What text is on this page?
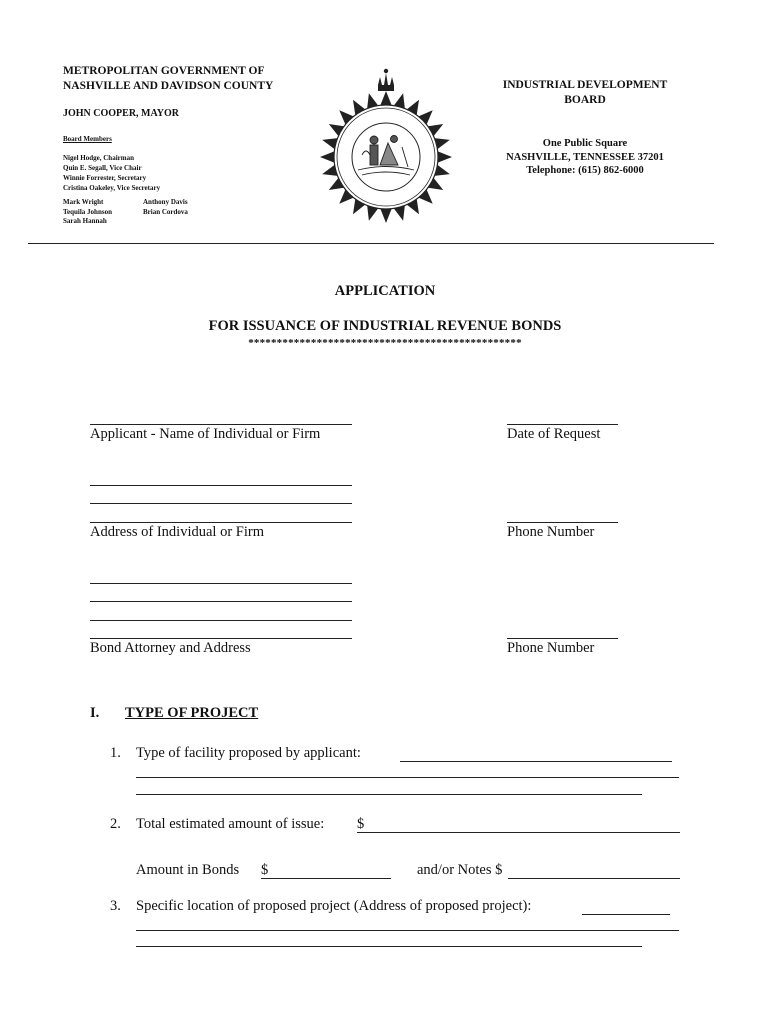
METROPOLITAN GOVERNMENT OF
NASHVILLE AND DAVIDSON COUNTY
JOHN COOPER, MAYOR
Board Members
Nigel Hodge, Chairman
Quin E. Segall, Vice Chair
Winnie Forrester, Secretary
Cristina Oakeley, Vice Secretary
Mark Wright
Tequila Johnson
Sarah Hannah
Anthony Davis
Brian Cordova
INDUSTRIAL DEVELOPMENT
BOARD
One Public Square
NASHVILLE, TENNESSEE 37201
Telephone: (615) 862-6000
APPLICATION
FOR ISSUANCE OF INDUSTRIAL REVENUE BONDS
************************************************
Applicant - Name of Individual or Firm	Date of Request
Address of Individual or Firm	Phone Number
Bond Attorney and Address	Phone Number
I. TYPE OF PROJECT
1. Type of facility proposed by applicant:
2. Total estimated amount of issue: $
Amount in Bonds $	and/or Notes $
3. Specific location of proposed project (Address of proposed project):
